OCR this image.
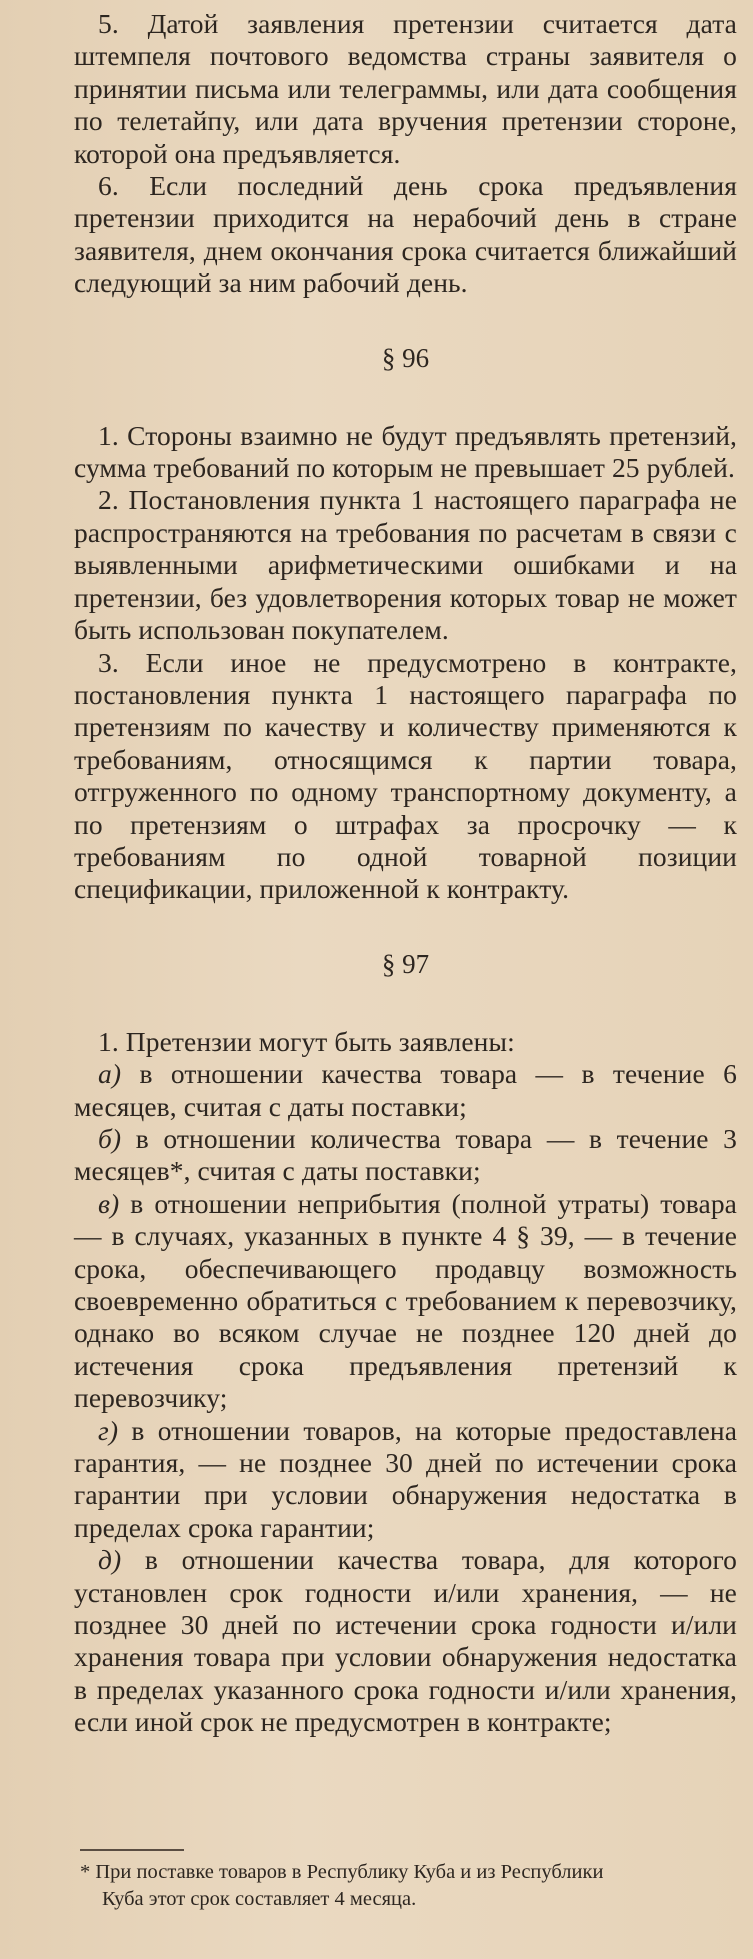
5. Датой заявления претензии считается дата штемпеля почтового ведомства страны заявителя о принятии письма или телеграммы, или дата сообщения по телетайпу, или дата вручения претензии стороне, которой она предъявляется.

6. Если последний день срока предъявления претензии приходится на нерабочий день в стране заявителя, днем окончания срока считается ближайший следующий за ним рабочий день.

§ 96

1. Стороны взаимно не будут предъявлять претензий, сумма требований по которым не превышает 25 рублей.

2. Постановления пункта 1 настоящего параграфа не распространяются на требования по расчетам в связи с выявленными арифметическими ошибками и на претензии, без удовлетворения которых товар не может быть использован покупателем.

3. Если иное не предусмотрено в контракте, постановления пункта 1 настоящего параграфа по претензиям по качеству и количеству применяются к требованиям, относящимся к партии товара, отгруженного по одному транспортному документу, а по претензиям о штрафах за просрочку — к требованиям по одной товарной позиции спецификации, приложенной к контракту.

§ 97

1. Претензии могут быть заявлены:

а) в отношении качества товара — в течение 6 месяцев, считая с даты поставки;

б) в отношении количества товара — в течение 3 месяцев*, считая с даты поставки;

в) в отношении неприбытия (полной утраты) товара — в случаях, указанных в пункте 4 § 39, — в течение срока, обеспечивающего продавцу возможность своевременно обратиться с требованием к перевозчику, однако во всяком случае не позднее 120 дней до истечения срока предъявления претензий к перевозчику;

г) в отношении товаров, на которые предоставлена гарантия, — не позднее 30 дней по истечении срока гарантии при условии обнаружения недостатка в пределах срока гарантии;

д) в отношении качества товара, для которого установлен срок годности и/или хранения, — не позднее 30 дней по истечении срока годности и/или хранения товара при условии обнаружения недостатка в пределах указанного срока годности и/или хранения, если иной срок не предусмотрен в контракте;

* При поставке товаров в Республику Куба и из Республики
Куба этот срок составляет 4 месяца.
